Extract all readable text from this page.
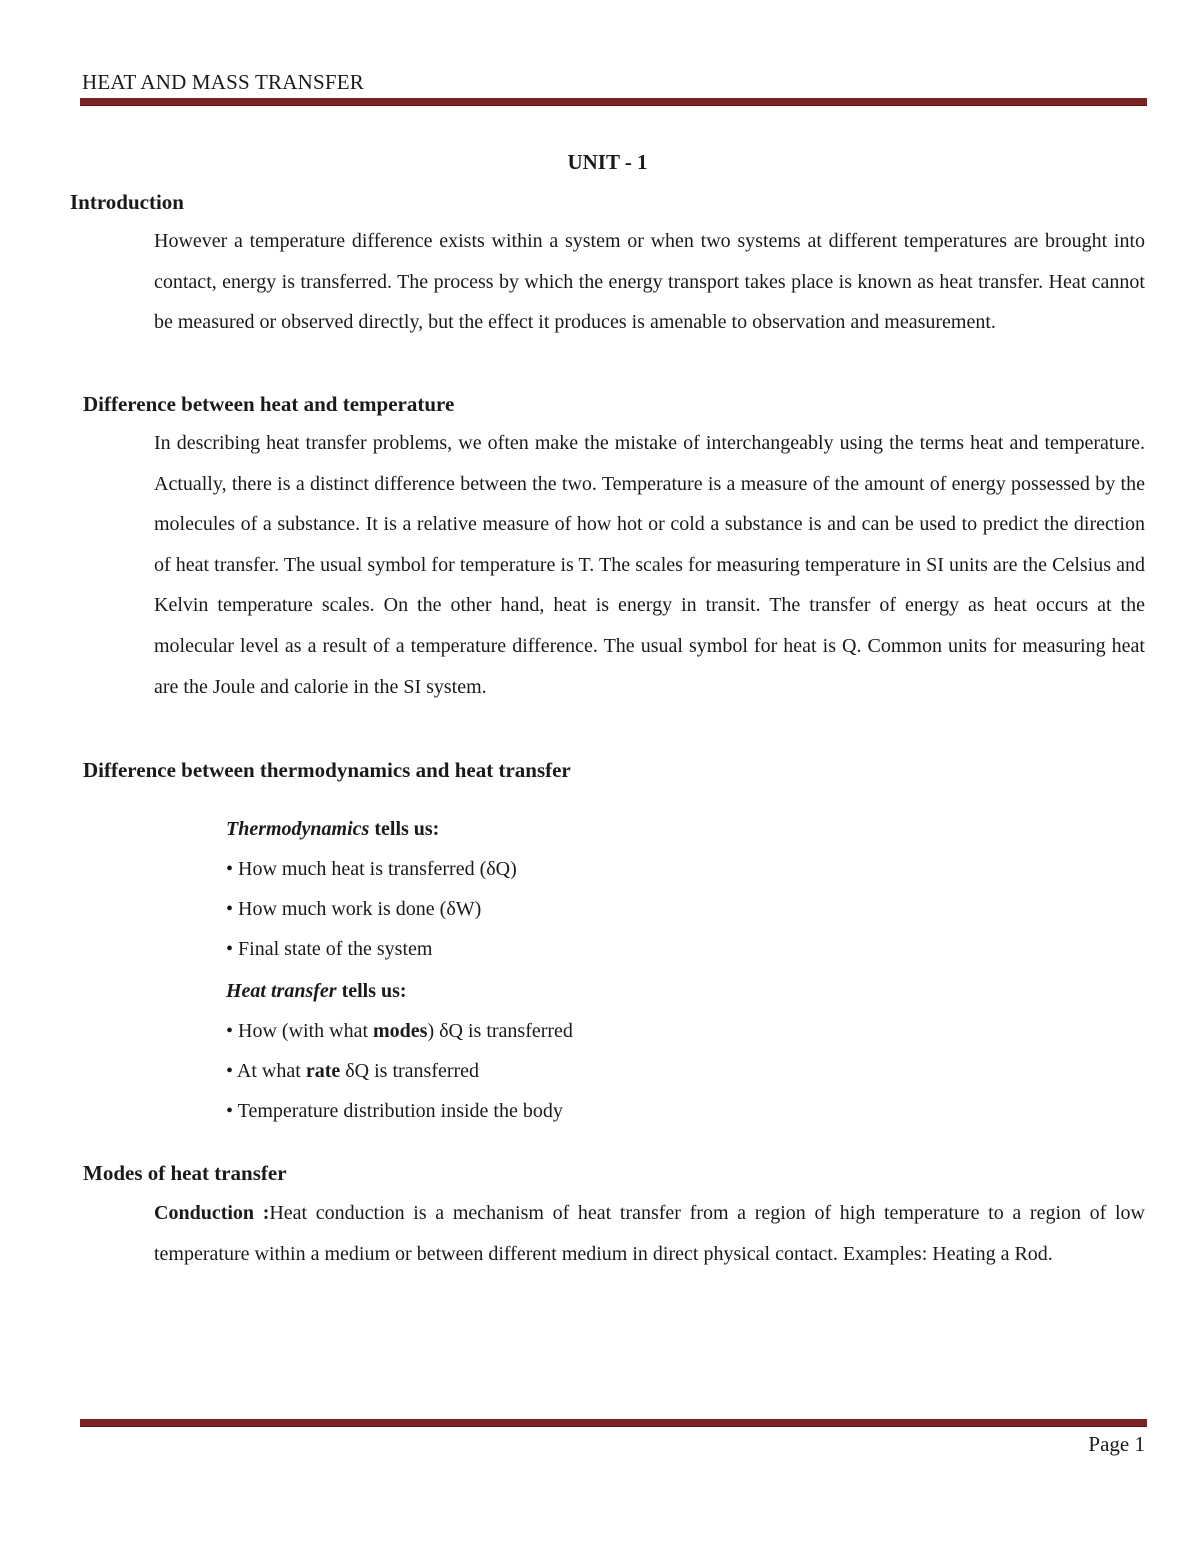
HEAT AND MASS TRANSFER
UNIT - 1
Introduction
However a temperature difference exists within a system or when two systems at different temperatures are brought into contact, energy is transferred. The process by which the energy transport takes place is known as heat transfer. Heat cannot be measured or observed directly, but the effect it produces is amenable to observation and measurement.
Difference between heat and temperature
In describing heat transfer problems, we often make the mistake of interchangeably using the terms heat and temperature. Actually, there is a distinct difference between the two. Temperature is a measure of the amount of energy possessed by the molecules of a substance. It is a relative measure of how hot or cold a substance is and can be used to predict the direction of heat transfer. The usual symbol for temperature is T. The scales for measuring temperature in SI units are the Celsius and Kelvin temperature scales. On the other hand, heat is energy in transit. The transfer of energy as heat occurs at the molecular level as a result of a temperature difference. The usual symbol for heat is Q. Common units for measuring heat are the Joule and calorie in the SI system.
Difference between thermodynamics and heat transfer
Thermodynamics tells us:
• How much heat is transferred (δQ)
• How much work is done (δW)
• Final state of the system
Heat transfer tells us:
• How (with what modes) δQ is transferred
• At what rate δQ is transferred
• Temperature distribution inside the body
Modes of heat transfer
Conduction :Heat conduction is a mechanism of heat transfer from a region of high temperature to a region of low temperature within a medium or between different medium in direct physical contact. Examples: Heating a Rod.
Page 1
